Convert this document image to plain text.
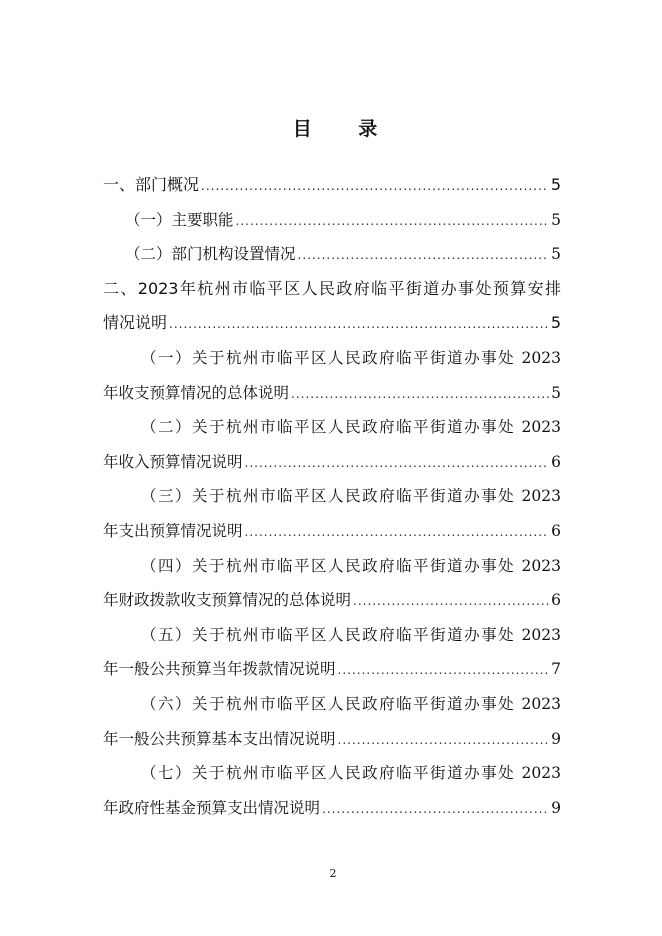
目 录
一、部门概况 .....	5
（一）主要职能 .....	5
（二）部门机构设置情况 .....	5
二、2023年杭州市临平区人民政府临平街道办事处预算安排
情况说明 .....	5
（一）关于杭州市临平区人民政府临平街道办事处 2023
年收支预算情况的总体说明 .....	5
（二）关于杭州市临平区人民政府临平街道办事处 2023
年收入预算情况说明 .....	6
（三）关于杭州市临平区人民政府临平街道办事处 2023
年支出预算情况说明 .....	6
（四）关于杭州市临平区人民政府临平街道办事处 2023
年财政拨款收支预算情况的总体说明 .....	6
（五）关于杭州市临平区人民政府临平街道办事处 2023
年一般公共预算当年拨款情况说明 .....	7
（六）关于杭州市临平区人民政府临平街道办事处 2023
年一般公共预算基本支出情况说明 .....	9
（七）关于杭州市临平区人民政府临平街道办事处 2023
年政府性基金预算支出情况说明 .....	9
2
